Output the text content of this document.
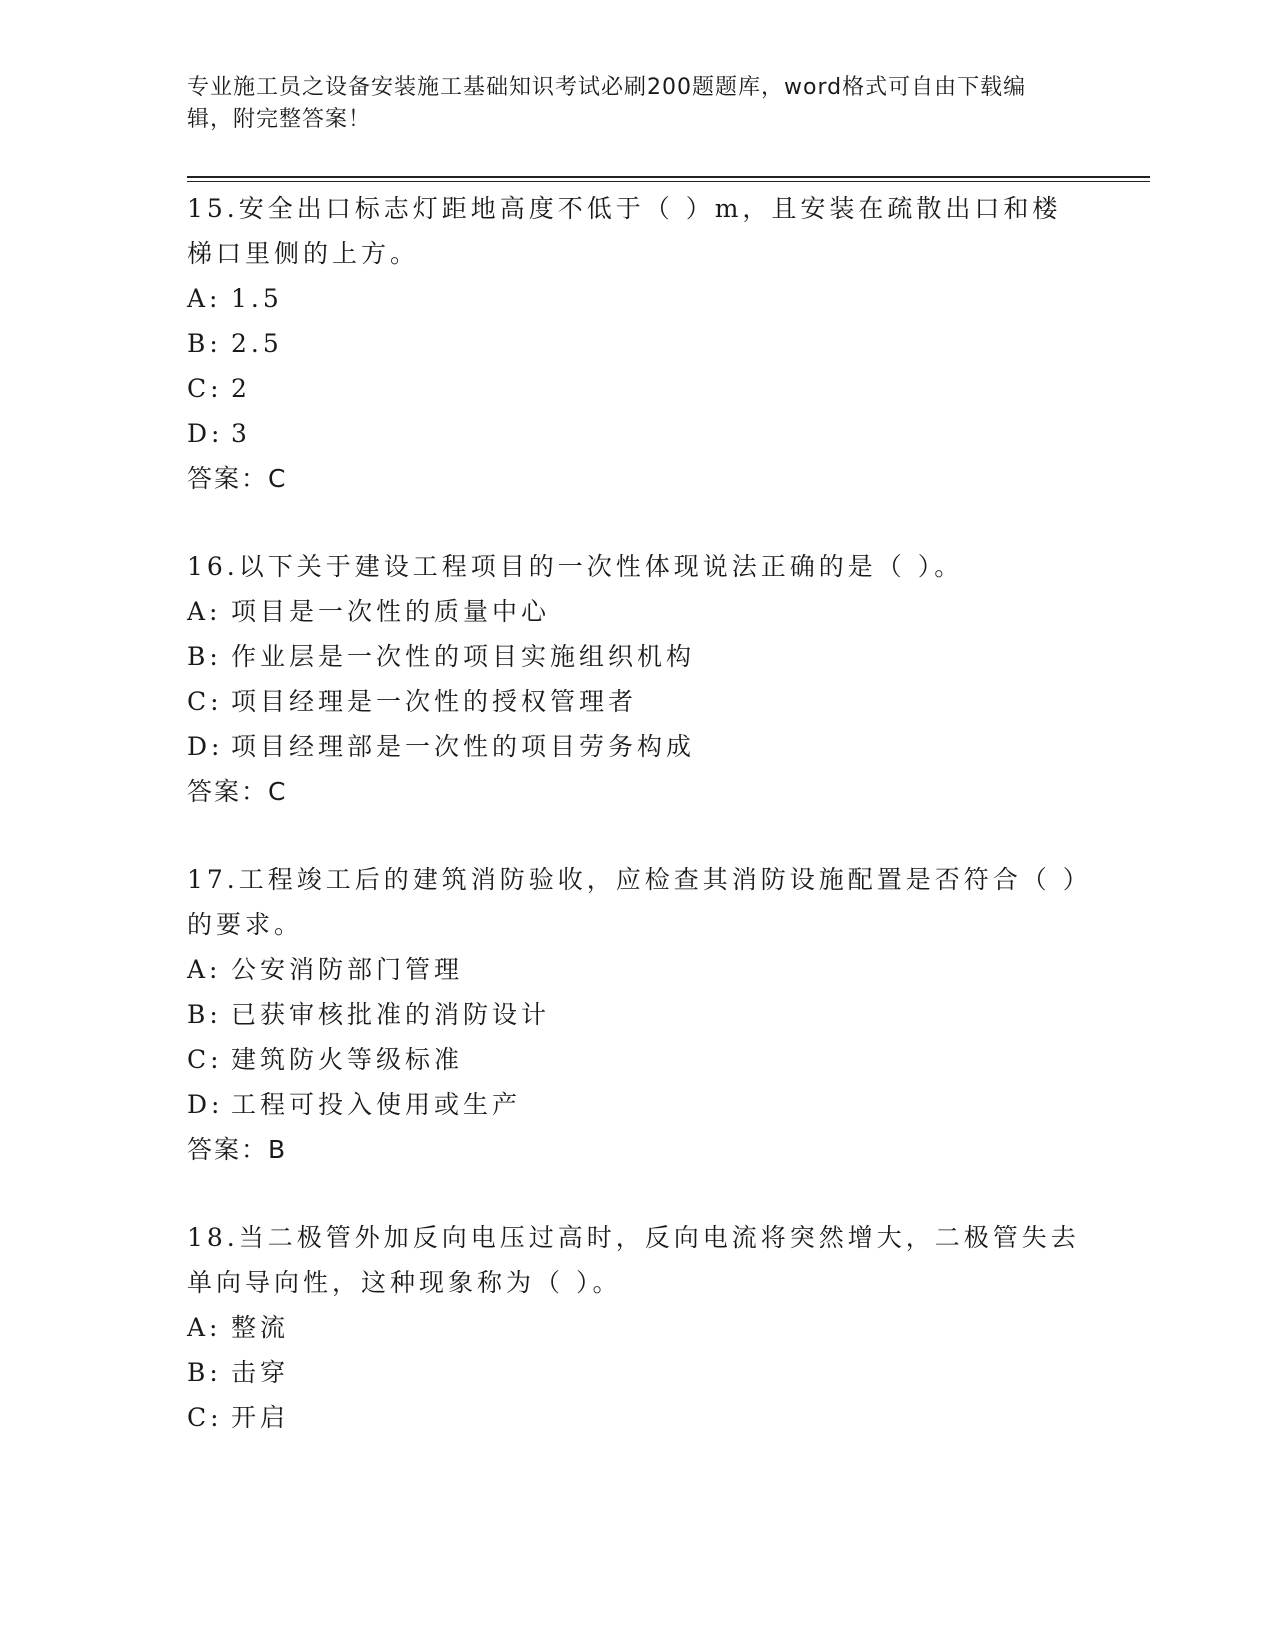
专业施工员之设备安装施工基础知识考试必刷200题题库，word格式可自由下载编辑，附完整答案！

15.安全出口标志灯距地高度不低于（ ）m，且安装在疏散出口和楼梯口里侧的上方。

A: 1.5

B: 2.5

C: 2

D: 3

答案：C

16.以下关于建设工程项目的一次性体现说法正确的是（ ）。

A: 项目是一次性的质量中心

B: 作业层是一次性的项目实施组织机构

C: 项目经理是一次性的授权管理者

D: 项目经理部是一次性的项目劳务构成

答案：C

17.工程竣工后的建筑消防验收，应检查其消防设施配置是否符合（ ）的要求。

A: 公安消防部门管理

B: 已获审核批准的消防设计

C: 建筑防火等级标准

D: 工程可投入使用或生产

答案：B

18.当二极管外加反向电压过高时，反向电流将突然增大，二极管失去单向导向性，这种现象称为（ ）。

A: 整流

B: 击穿

C: 开启
